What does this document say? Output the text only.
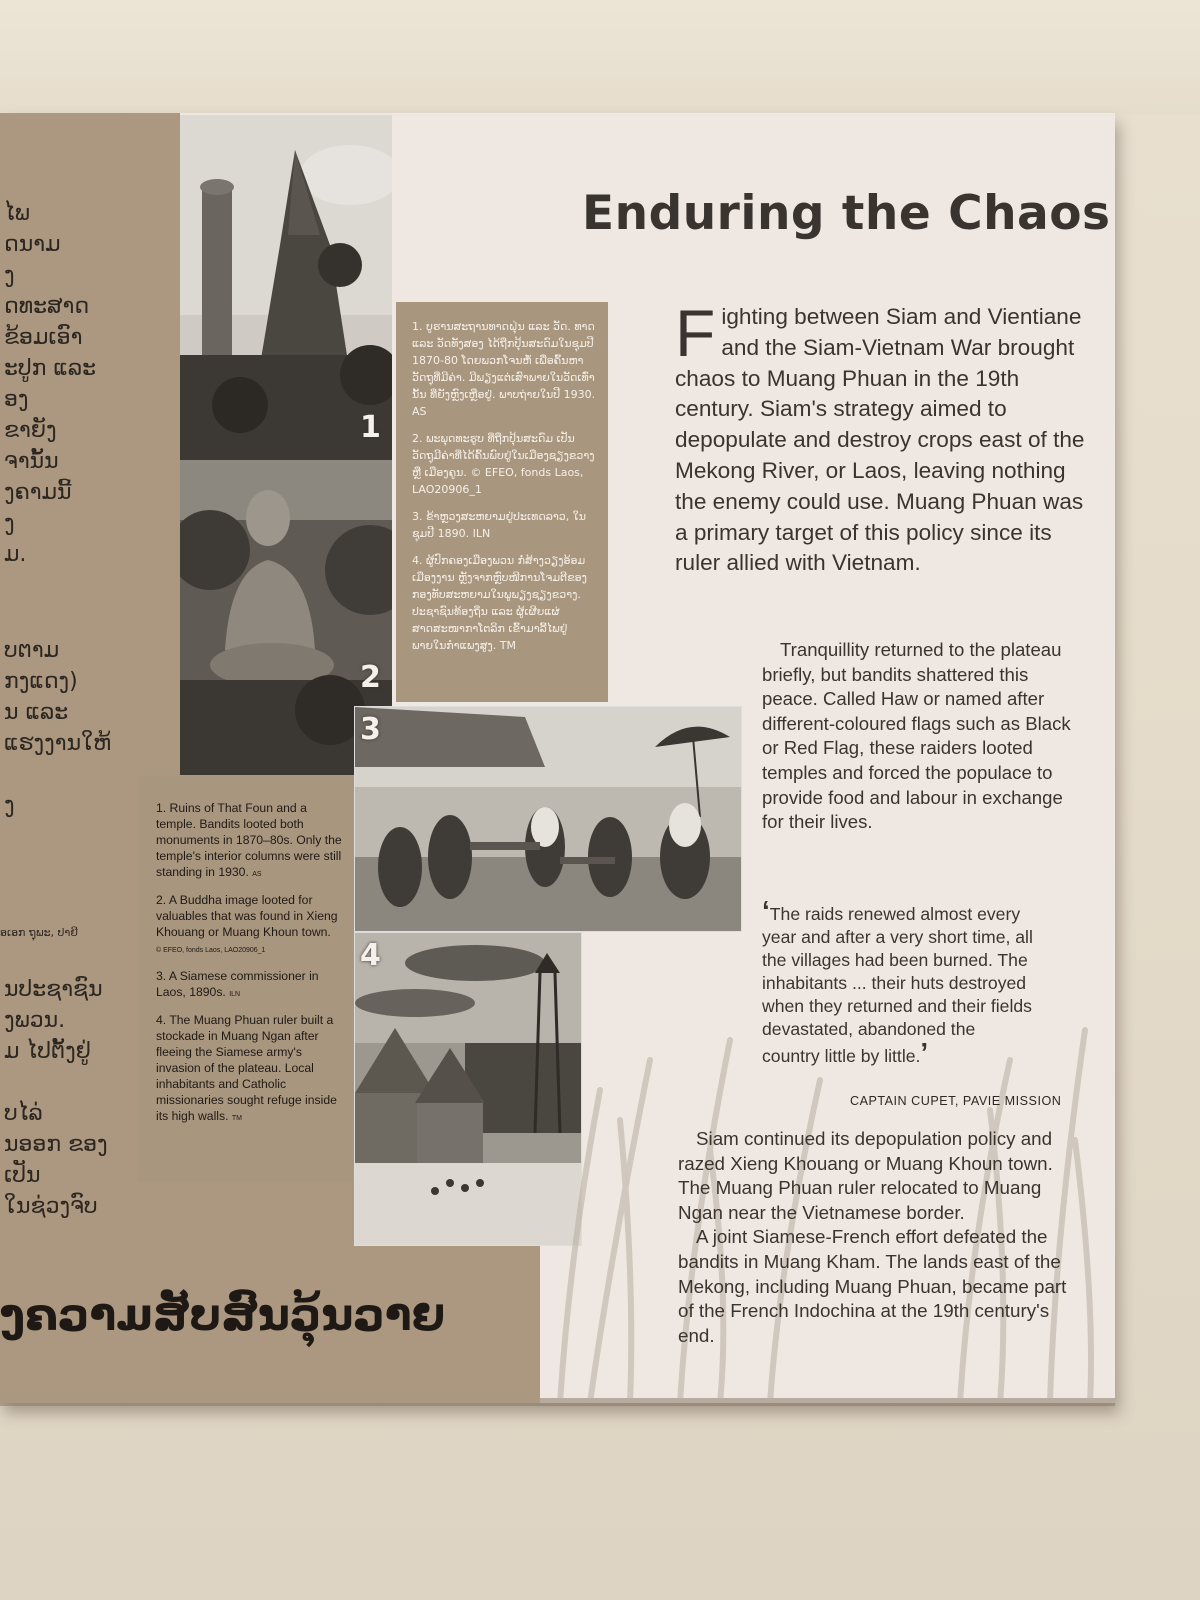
ໄພ
ດນາມ
ງ
ດທະສາດ
ຂ້ອມເອົາ
ະປູກ ແລະ
ອງ
ຂາຍັງ
ຈານັ້ນ
ງຄາມນີ້
ງ
ມ.
ບຕາມ
ກງແດງ)
ນ ແລະ
ແຮງງານໃຫ້
ງ
ອເອກ ຖຸພະ, ປາຍີ
ນປະຊາຊົນ
ງພວນ.
ມ ໄປຕັ້ງຢູ່
ບໄລ່
ນອອກ ຂອງ
ເປັນ
ໃນຊ່ວງຈົບ
1
2

1. ບູຮານສະຖານທາດຝຸ່ນ ແລະ ວັດ. ທາດ ແລະ ວັດທັງສອງ ໄດ້ຖືກປຸ້ນສະດົມໃນຊຸມປີ 1870-80 ໂດຍພວກໂຈນຫໍ້ ເພື່ອຄົ້ນຫາວັດຖຸທີ່ມີຄ່າ. ມີພຽງແຕ່ເສົາພາຍໃນວັດເທົ່ານັ້ນ ທີ່ຍັງຫຼົງເຫຼືອຢູ່. ພາບຖ່າຍໃນປີ 1930. AS

2. ພະພຸດທະຮູບ ທີ່ຖືກປຸ້ນສະດົມ ເປັນວັດຖຸມີຄ່າທີ່ໄດ້ຄົ້ນພົບຢູ່ໃນເມືອງຊຽງຂວາງ ຫຼື ເມືອງຄູນ. © EFEO, fonds Laos, LAO20906_1

3. ຂ້າຫຼວງສະຫຍາມຢູ່ປະເທດລາວ, ໃນຊຸມປີ 1890. ILN

4. ຜູ້ປົກຄອງເມືອງພວນ ກໍ່ສ້າງວຽງອ້ອມເມືອງງານ ຫຼັງຈາກຫຼົບໜີການໂຈມຕີຂອງກອງທັບສະຫຍາມໃນພູພຽງຊຽງຂວາງ. ປະຊາຊົນທ້ອງຖິ່ນ ແລະ ຜູ້ເຜີຍແຜ່ສາດສະໜາກາໂຕລິກ ເຂົ້າມາລີ້ໄພຢູ່ພາຍໃນກຳແພງສູງ. TM

3

1. Ruins of That Foun and a temple. Bandits looted both monuments in 1870–80s. Only the temple's interior columns were still standing in 1930. AS

2. A Buddha image looted for valuables that was found in Xieng Khouang or Muang Khoun town.
© EFEO, fonds Laos, LAO20906_1

3. A Siamese commissioner in Laos, 1890s. ILN

4. The Muang Phuan ruler built a stockade in Muang Ngan after fleeing the Siamese army's invasion of the plateau. Local inhabitants and Catholic missionaries sought refuge inside its high walls. TM

4
Enduring the Chaos
Fighting between Siam and Vientiane and the Siam-Vietnam War brought chaos to Muang Phuan in the 19th century. Siam's strategy aimed to depopulate and destroy crops east of the Mekong River, or Laos, leaving nothing the enemy could use. Muang Phuan was a primary target of this policy since its ruler allied with Vietnam.
Tranquillity returned to the plateau briefly, but bandits shattered this peace. Called Haw or named after different-coloured flags such as Black or Red Flag, these raiders looted temples and forced the populace to provide food and labour in exchange for their lives.
‘The raids renewed almost every year and after a very short time, all the villages had been burned. The inhabitants ... their huts destroyed when they returned and their fields devastated, abandoned the country little by little.’
CAPTAIN CUPET, PAVIE MISSION

Siam continued its depopulation policy and razed Xieng Khouang or Muang Khoun town. The Muang Phuan ruler relocated to Muang Ngan near the Vietnamese border.

A joint Siamese-French effort defeated the bandits in Muang Kham. The lands east of the Mekong, including Muang Phuan, became part of the French Indochina at the 19th century's end.

ງຄວາມສັບສົນວຸ້ນວາຍ
